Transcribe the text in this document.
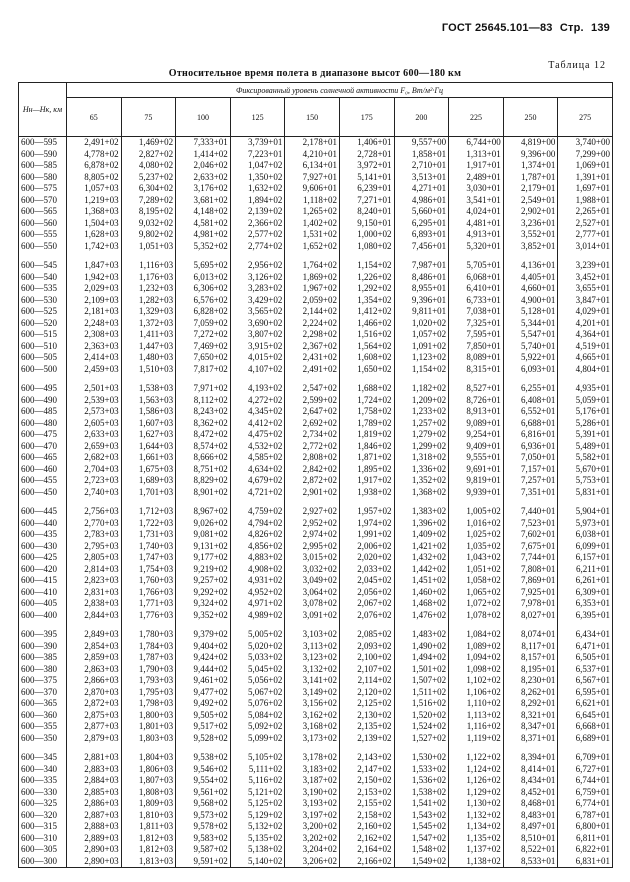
ГОСТ 25645.101—83 Стр. 139
Таблица 12
Относительное время полета в диапазоне высот 600—180 км
Hн—Hк, км	Фиксированный уровень солнечной активности F₀, Вт/м²·Гц									
	65	75	100	125	150	175	200	225	250	275
600—595	2,491+02	1,469+02	7,333+01	3,739+01	2,178+01	1,406+01	9,557+00	6,744+00	4,819+00	3,740+00
600—590	4,778+02	2,827+02	1,414+02	7,223+01	4,210+01	2,728+01	1,858+01	1,313+01	9,396+00	7,299+00
600—585	6,878+02	4,080+02	2,046+02	1,047+02	6,134+01	3,972+01	2,710+01	1,917+01	1,374+01	1,069+01
600—580	8,805+02	5,237+02	2,633+02	1,350+02	7,927+01	5,141+01	3,513+01	2,489+01	1,787+01	1,391+01
600—575	1,057+03	6,304+02	3,176+02	1,632+02	9,606+01	6,239+01	4,271+01	3,030+01	2,179+01	1,697+01
600—570	1,219+03	7,289+02	3,681+02	1,894+02	1,118+02	7,271+01	4,986+01	3,541+01	2,549+01	1,988+01
600—565	1,368+03	8,195+02	4,148+02	2,139+02	1,265+02	8,240+01	5,660+01	4,024+01	2,902+01	2,265+01
600—560	1,504+03	9,032+02	4,581+02	2,366+02	1,402+02	9,150+01	6,295+01	4,481+01	3,236+01	2,527+01
600—555	1,628+03	9,802+02	4,981+02	2,577+02	1,531+02	1,000+02	6,893+01	4,913+01	3,552+01	2,777+01
600—550	1,742+03	1,051+03	5,352+02	2,774+02	1,652+02	1,080+02	7,456+01	5,320+01	3,852+01	3,014+01

600—545	1,847+03	1,116+03	5,695+02	2,956+02	1,764+02	1,154+02	7,987+01	5,705+01	4,136+01	3,239+01
600—540	1,942+03	1,176+03	6,013+02	3,126+02	1,869+02	1,226+02	8,486+01	6,068+01	4,405+01	3,452+01
600—535	2,029+03	1,232+03	6,306+02	3,283+02	1,967+02	1,292+02	8,955+01	6,410+01	4,660+01	3,655+01
600—530	2,109+03	1,282+03	6,576+02	3,429+02	2,059+02	1,354+02	9,396+01	6,733+01	4,900+01	3,847+01
600—525	2,181+03	1,329+03	6,828+02	3,565+02	2,144+02	1,412+02	9,811+01	7,038+01	5,128+01	4,029+01
600—520	2,248+03	1,372+03	7,059+02	3,690+02	2,224+02	1,466+02	1,020+02	7,325+01	5,344+01	4,201+01
600—515	2,308+03	1,411+03	7,272+02	3,807+02	2,298+02	1,516+02	1,057+02	7,595+01	5,547+01	4,364+01
600—510	2,363+03	1,447+03	7,469+02	3,915+02	2,367+02	1,564+02	1,091+02	7,850+01	5,740+01	4,519+01
600—505	2,414+03	1,480+03	7,650+02	4,015+02	2,431+02	1,608+02	1,123+02	8,089+01	5,922+01	4,665+01
600—500	2,459+03	1,510+03	7,817+02	4,107+02	2,491+02	1,650+02	1,154+02	8,315+01	6,093+01	4,804+01

600—495	2,501+03	1,538+03	7,971+02	4,193+02	2,547+02	1,688+02	1,182+02	8,527+01	6,255+01	4,935+01
600—490	2,539+03	1,563+03	8,112+02	4,272+02	2,599+02	1,724+02	1,209+02	8,726+01	6,408+01	5,059+01
600—485	2,573+03	1,586+03	8,243+02	4,345+02	2,647+02	1,758+02	1,233+02	8,913+01	6,552+01	5,176+01
600—480	2,605+03	1,607+03	8,362+02	4,412+02	2,692+02	1,789+02	1,257+02	9,089+01	6,688+01	5,286+01
600—475	2,633+03	1,627+03	8,472+02	4,475+02	2,734+02	1,819+02	1,279+02	9,254+01	6,816+01	5,391+01
600—470	2,659+03	1,644+03	8,574+02	4,532+02	2,772+02	1,846+02	1,299+02	9,409+01	6,936+01	5,489+01
600—465	2,682+03	1,661+03	8,666+02	4,585+02	2,808+02	1,871+02	1,318+02	9,555+01	7,050+01	5,582+01
600—460	2,704+03	1,675+03	8,751+02	4,634+02	2,842+02	1,895+02	1,336+02	9,691+01	7,157+01	5,670+01
600—455	2,723+03	1,689+03	8,829+02	4,679+02	2,872+02	1,917+02	1,352+02	9,819+01	7,257+01	5,753+01
600—450	2,740+03	1,701+03	8,901+02	4,721+02	2,901+02	1,938+02	1,368+02	9,939+01	7,351+01	5,831+01

600—445	2,756+03	1,712+03	8,967+02	4,759+02	2,927+02	1,957+02	1,383+02	1,005+02	7,440+01	5,904+01
600—440	2,770+03	1,722+03	9,026+02	4,794+02	2,952+02	1,974+02	1,396+02	1,016+02	7,523+01	5,973+01
600—435	2,783+03	1,731+03	9,081+02	4,826+02	2,974+02	1,991+02	1,409+02	1,025+02	7,602+01	6,038+01
600—430	2,795+03	1,740+03	9,131+02	4,856+02	2,995+02	2,006+02	1,421+02	1,035+02	7,675+01	6,099+01
600—425	2,805+03	1,747+03	9,177+02	4,883+02	3,015+02	2,020+02	1,432+02	1,043+02	7,744+01	6,157+01
600—420	2,814+03	1,754+03	9,219+02	4,908+02	3,032+02	2,033+02	1,442+02	1,051+02	7,808+01	6,211+01
600—415	2,823+03	1,760+03	9,257+02	4,931+02	3,049+02	2,045+02	1,451+02	1,058+02	7,869+01	6,261+01
600—410	2,831+03	1,766+03	9,292+02	4,952+02	3,064+02	2,056+02	1,460+02	1,065+02	7,925+01	6,309+01
600—405	2,838+03	1,771+03	9,324+02	4,971+02	3,078+02	2,067+02	1,468+02	1,072+02	7,978+01	6,353+01
600—400	2,844+03	1,776+03	9,352+02	4,989+02	3,091+02	2,076+02	1,476+02	1,078+02	8,027+01	6,395+01

600—395	2,849+03	1,780+03	9,379+02	5,005+02	3,103+02	2,085+02	1,483+02	1,084+02	8,074+01	6,434+01
600—390	2,854+03	1,784+03	9,404+02	5,020+02	3,113+02	2,093+02	1,490+02	1,089+02	8,117+01	6,471+01
600—385	2,859+03	1,787+03	9,424+02	5,033+02	3,123+02	2,100+02	1,494+02	1,094+02	8,157+01	6,505+01
600—380	2,863+03	1,790+03	9,444+02	5,045+02	3,132+02	2,107+02	1,501+02	1,098+02	8,195+01	6,537+01
600—375	2,866+03	1,793+03	9,461+02	5,056+02	3,141+02	2,114+02	1,507+02	1,102+02	8,230+01	6,567+01
600—370	2,870+03	1,795+03	9,477+02	5,067+02	3,149+02	2,120+02	1,511+02	1,106+02	8,262+01	6,595+01
600—365	2,872+03	1,798+03	9,492+02	5,076+02	3,156+02	2,125+02	1,516+02	1,110+02	8,292+01	6,621+01
600—360	2,875+03	1,800+03	9,505+02	5,084+02	3,162+02	2,130+02	1,520+02	1,113+02	8,321+01	6,645+01
600—355	2,877+03	1,801+03	9,517+02	5,092+02	3,168+02	2,135+02	1,524+02	1,116+02	8,347+01	6,668+01
600—350	2,879+03	1,803+03	9,528+02	5,099+02	3,173+02	2,139+02	1,527+02	1,119+02	8,371+01	6,689+01

600—345	2,881+03	1,804+03	9,538+02	5,105+02	3,178+02	2,143+02	1,530+02	1,122+02	8,394+01	6,709+01
600—340	2,883+03	1,806+03	9,546+02	5,111+02	3,183+02	2,147+02	1,533+02	1,124+02	8,414+01	6,727+01
600—335	2,884+03	1,807+03	9,554+02	5,116+02	3,187+02	2,150+02	1,536+02	1,126+02	8,434+01	6,744+01
600—330	2,885+03	1,808+03	9,561+02	5,121+02	3,190+02	2,153+02	1,538+02	1,129+02	8,452+01	6,759+01
600—325	2,886+03	1,809+03	9,568+02	5,125+02	3,193+02	2,155+02	1,541+02	1,130+02	8,468+01	6,774+01
600—320	2,887+03	1,810+03	9,573+02	5,129+02	3,197+02	2,158+02	1,543+02	1,132+02	8,483+01	6,787+01
600—315	2,888+03	1,811+03	9,578+02	5,132+02	3,200+02	2,160+02	1,545+02	1,134+02	8,497+01	6,800+01
600—310	2,889+03	1,812+03	9,583+02	5,135+02	3,202+02	2,162+02	1,547+02	1,135+02	8,510+01	6,811+01
600—305	2,890+03	1,812+03	9,587+02	5,138+02	3,204+02	2,164+02	1,548+02	1,137+02	8,522+01	6,822+01
600—300	2,890+03	1,813+03	9,591+02	5,140+02	3,206+02	2,166+02	1,549+02	1,138+02	8,533+01	6,831+01
